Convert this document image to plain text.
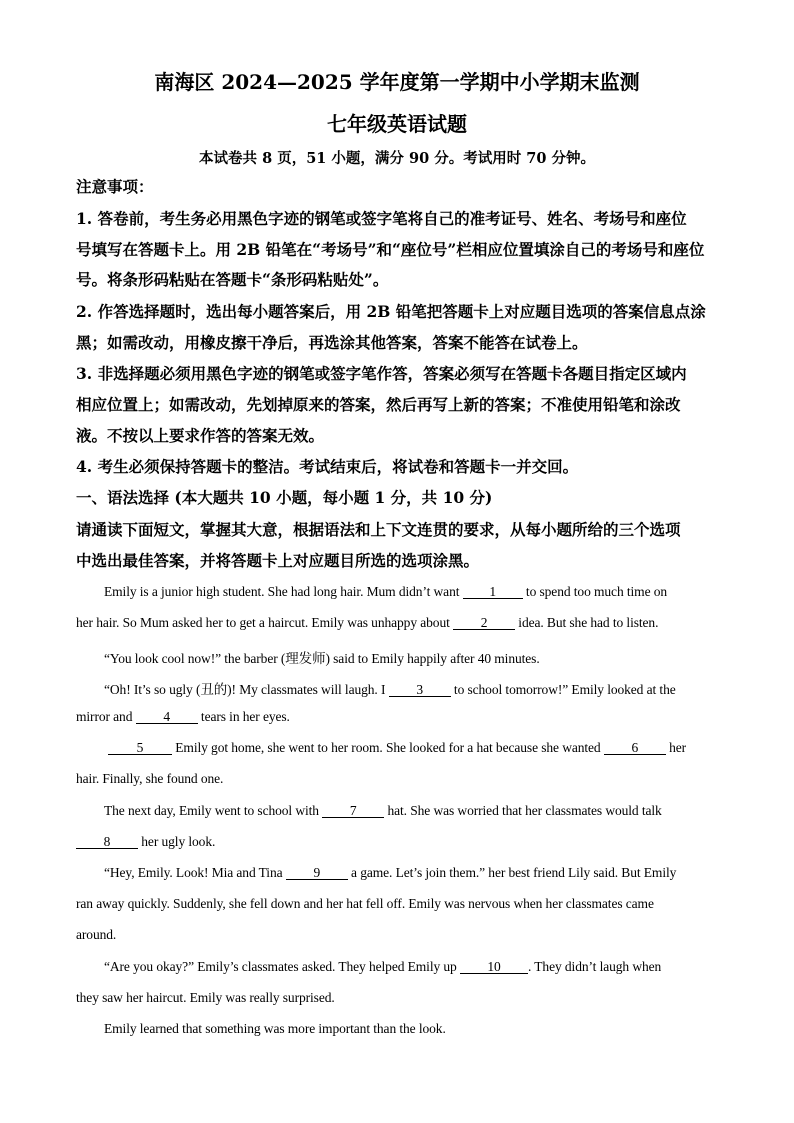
南海区 2024—2025 学年度第一学期中小学期末监测
七年级英语试题
本试卷共 8 页，51 小题，满分 90 分。考试用时 70 分钟。
注意事项：
1. 答卷前，考生务必用黑色字迹的钢笔或签字笔将自己的准考证号、姓名、考场号和座位
号填写在答题卡上。用 2B 铅笔在“考场号”和“座位号”栏相应位置填涂自己的考场号和座位
号。将条形码粘贴在答题卡“条形码粘贴处”。
2. 作答选择题时，选出每小题答案后，用 2B 铅笔把答题卡上对应题目选项的答案信息点涂
黑；如需改动，用橡皮擦干净后，再选涂其他答案，答案不能答在试卷上。
3. 非选择题必须用黑色字迹的钢笔或签字笔作答，答案必须写在答题卡各题目指定区域内
相应位置上；如需改动，先划掉原来的答案，然后再写上新的答案；不准使用铅笔和涂改
液。不按以上要求作答的答案无效。
4. 考生必须保持答题卡的整洁。考试结束后，将试卷和答题卡一并交回。
一、语法选择 (本大题共 10 小题，每小题 1 分，共 10 分)
请通读下面短文，掌握其大意，根据语法和上下文连贯的要求，从每小题所给的三个选项
中选出最佳答案，并将答题卡上对应题目所选的选项涂黑。
Emily is a junior high student. She had long hair. Mum didn’t want 1 to spend too much time on
her hair. So Mum asked her to get a haircut. Emily was unhappy about 2 idea. But she had to listen.
“You look cool now!” the barber (理发师) said to Emily happily after 40 minutes.
“Oh! It’s so ugly (丑的)! My classmates will laugh. I 3 to school tomorrow!” Emily looked at the
mirror and 4 tears in her eyes.
5 Emily got home, she went to her room. She looked for a hat because she wanted 6 her
hair. Finally, she found one.
The next day, Emily went to school with 7 hat. She was worried that her classmates would talk
8 her ugly look.
“Hey, Emily. Look! Mia and Tina 9 a game. Let’s join them.” her best friend Lily said. But Emily
ran away quickly. Suddenly, she fell down and her hat fell off. Emily was nervous when her classmates came
around.
“Are you okay?” Emily’s classmates asked. They helped Emily up 10 . They didn’t laugh when
they saw her haircut. Emily was really surprised.
Emily learned that something was more important than the look.
